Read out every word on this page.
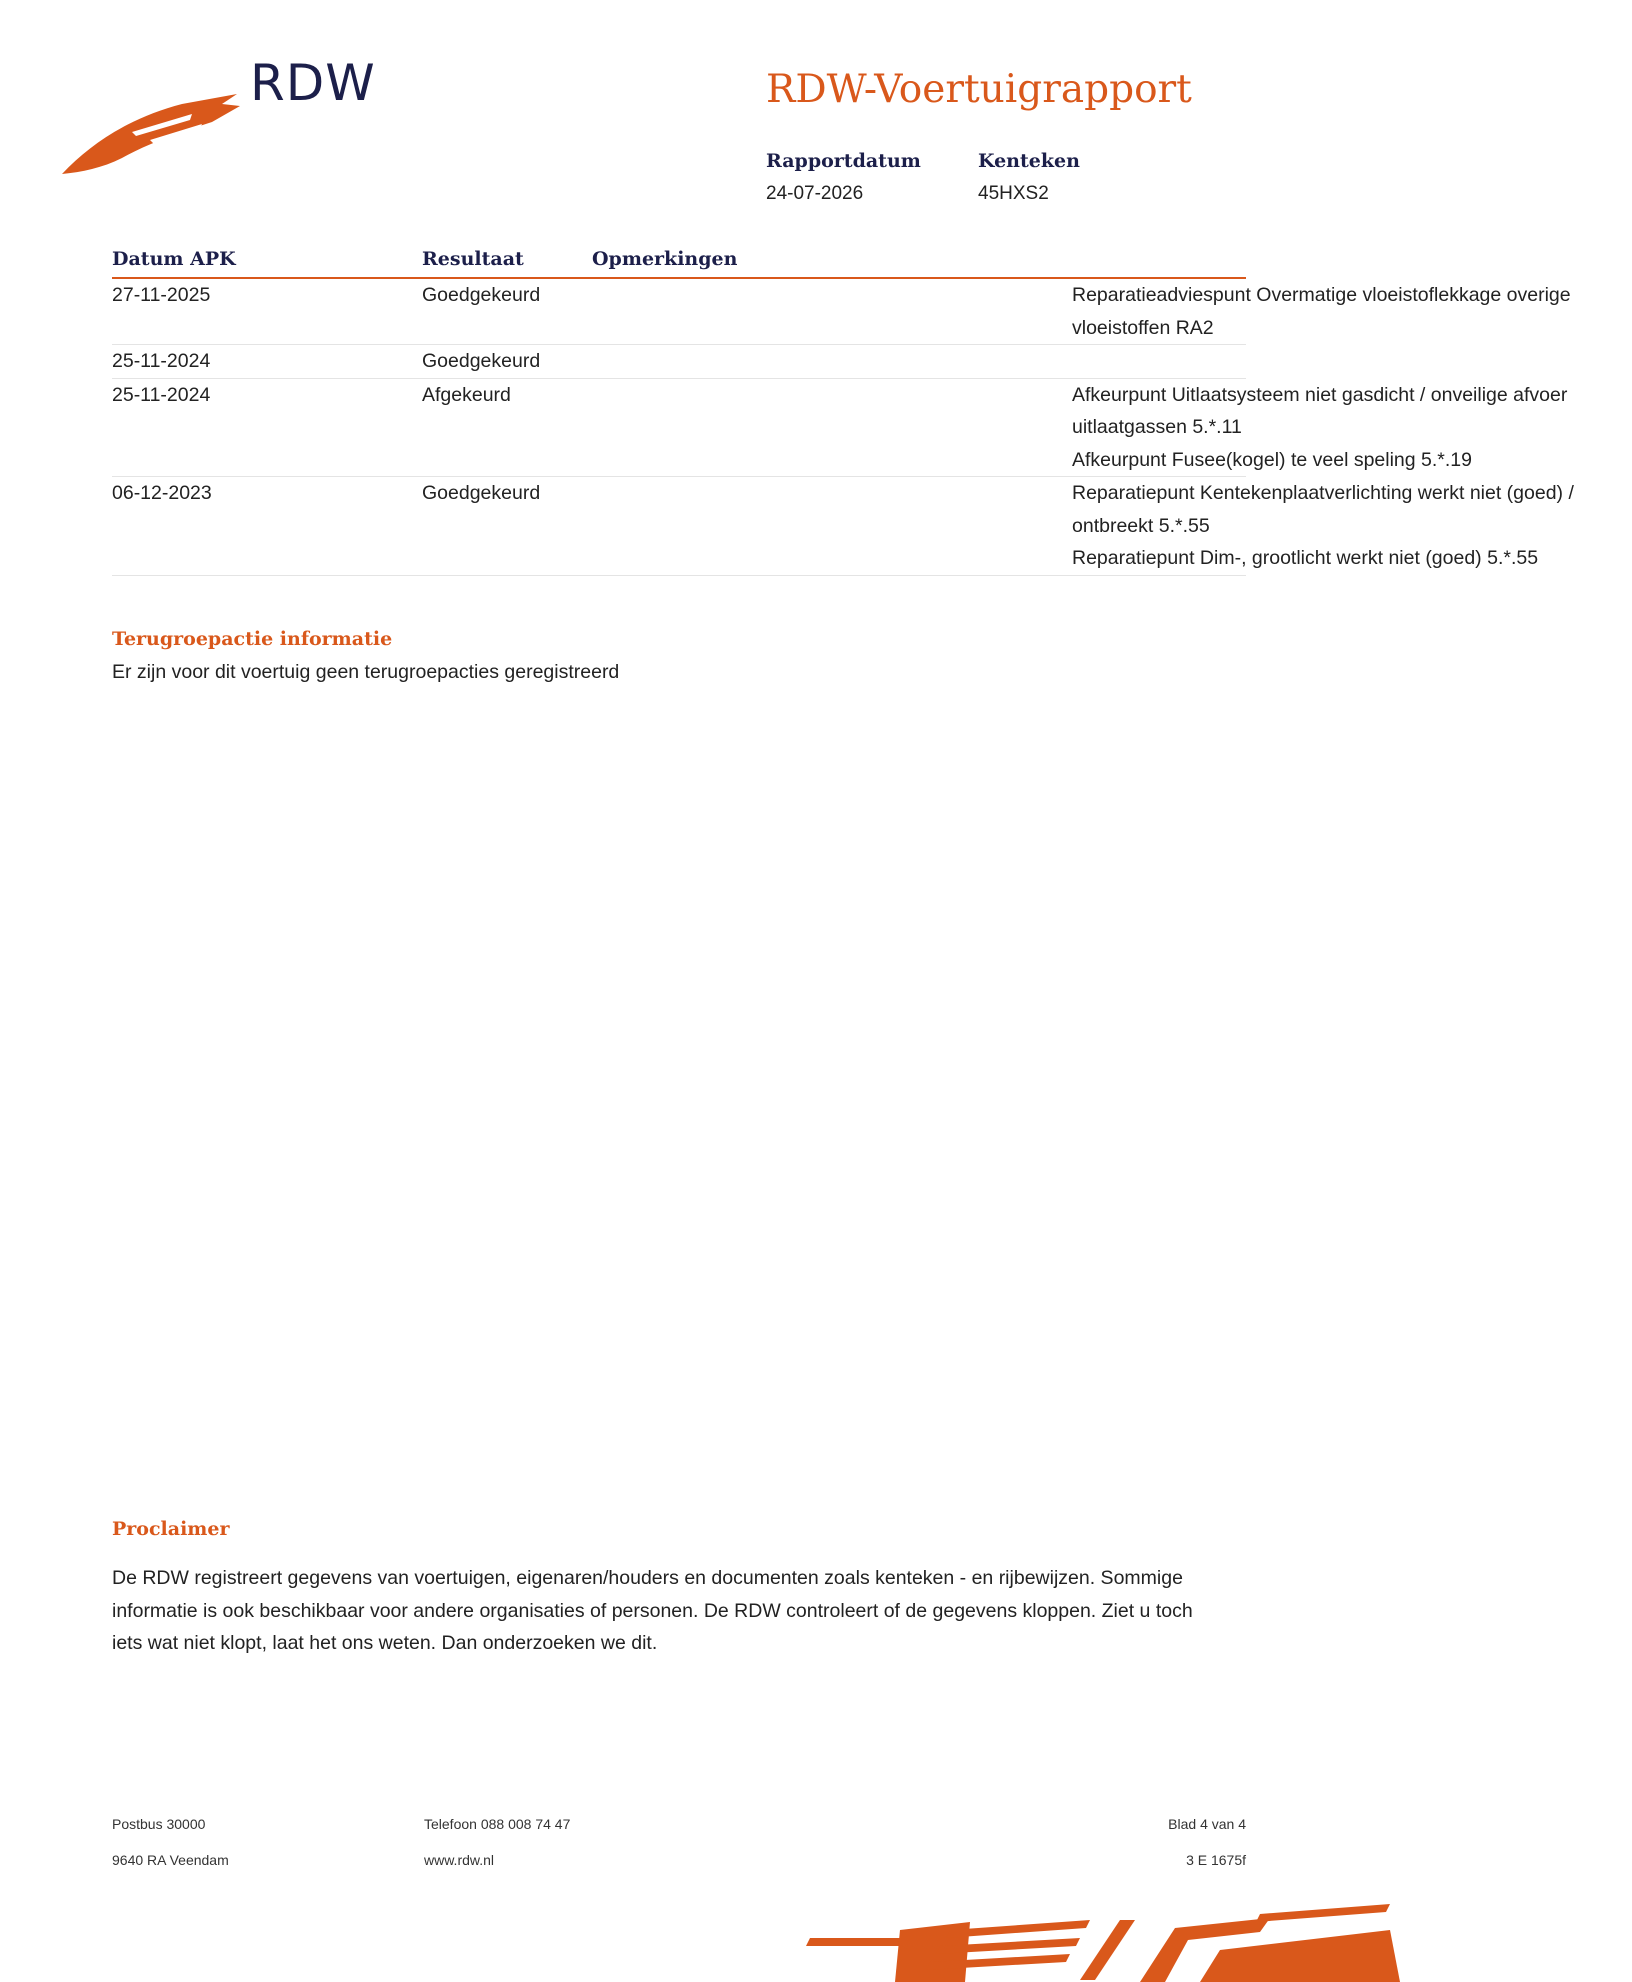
RDW	RDW-Voertuigrapport
Rapportdatum
24-07-2026
Kenteken
45HXS2
Datum APK	Resultaat	Opmerkingen
27-11-2025	Goedgekeurd	Reparatieadviespunt Overmatige vloeistoflekkage overige vloeistoffen RA2
25-11-2024	Goedgekeurd
25-11-2024	Afgekeurd	Afkeurpunt Uitlaatsysteem niet gasdicht / onveilige afvoer uitlaatgassen 5.*.11
Afkeurpunt Fusee(kogel) te veel speling 5.*.19
06-12-2023	Goedgekeurd	Reparatiepunt Kentekenplaatverlichting werkt niet (goed) / ontbreekt 5.*.55
Reparatiepunt Dim-, grootlicht werkt niet (goed) 5.*.55
Terugroepactie informatie
Er zijn voor dit voertuig geen terugroepacties geregistreerd
Proclaimer
De RDW registreert gegevens van voertuigen, eigenaren/houders en documenten zoals kenteken - en rijbewijzen. Sommige informatie is ook beschikbaar voor andere organisaties of personen. De RDW controleert of de gegevens kloppen. Ziet u toch iets wat niet klopt, laat het ons weten. Dan onderzoeken we dit.
Postbus 30000
9640 RA Veendam
Telefoon 088 008 74 47
www.rdw.nl
Blad 4 van 4
3 E 1675f
